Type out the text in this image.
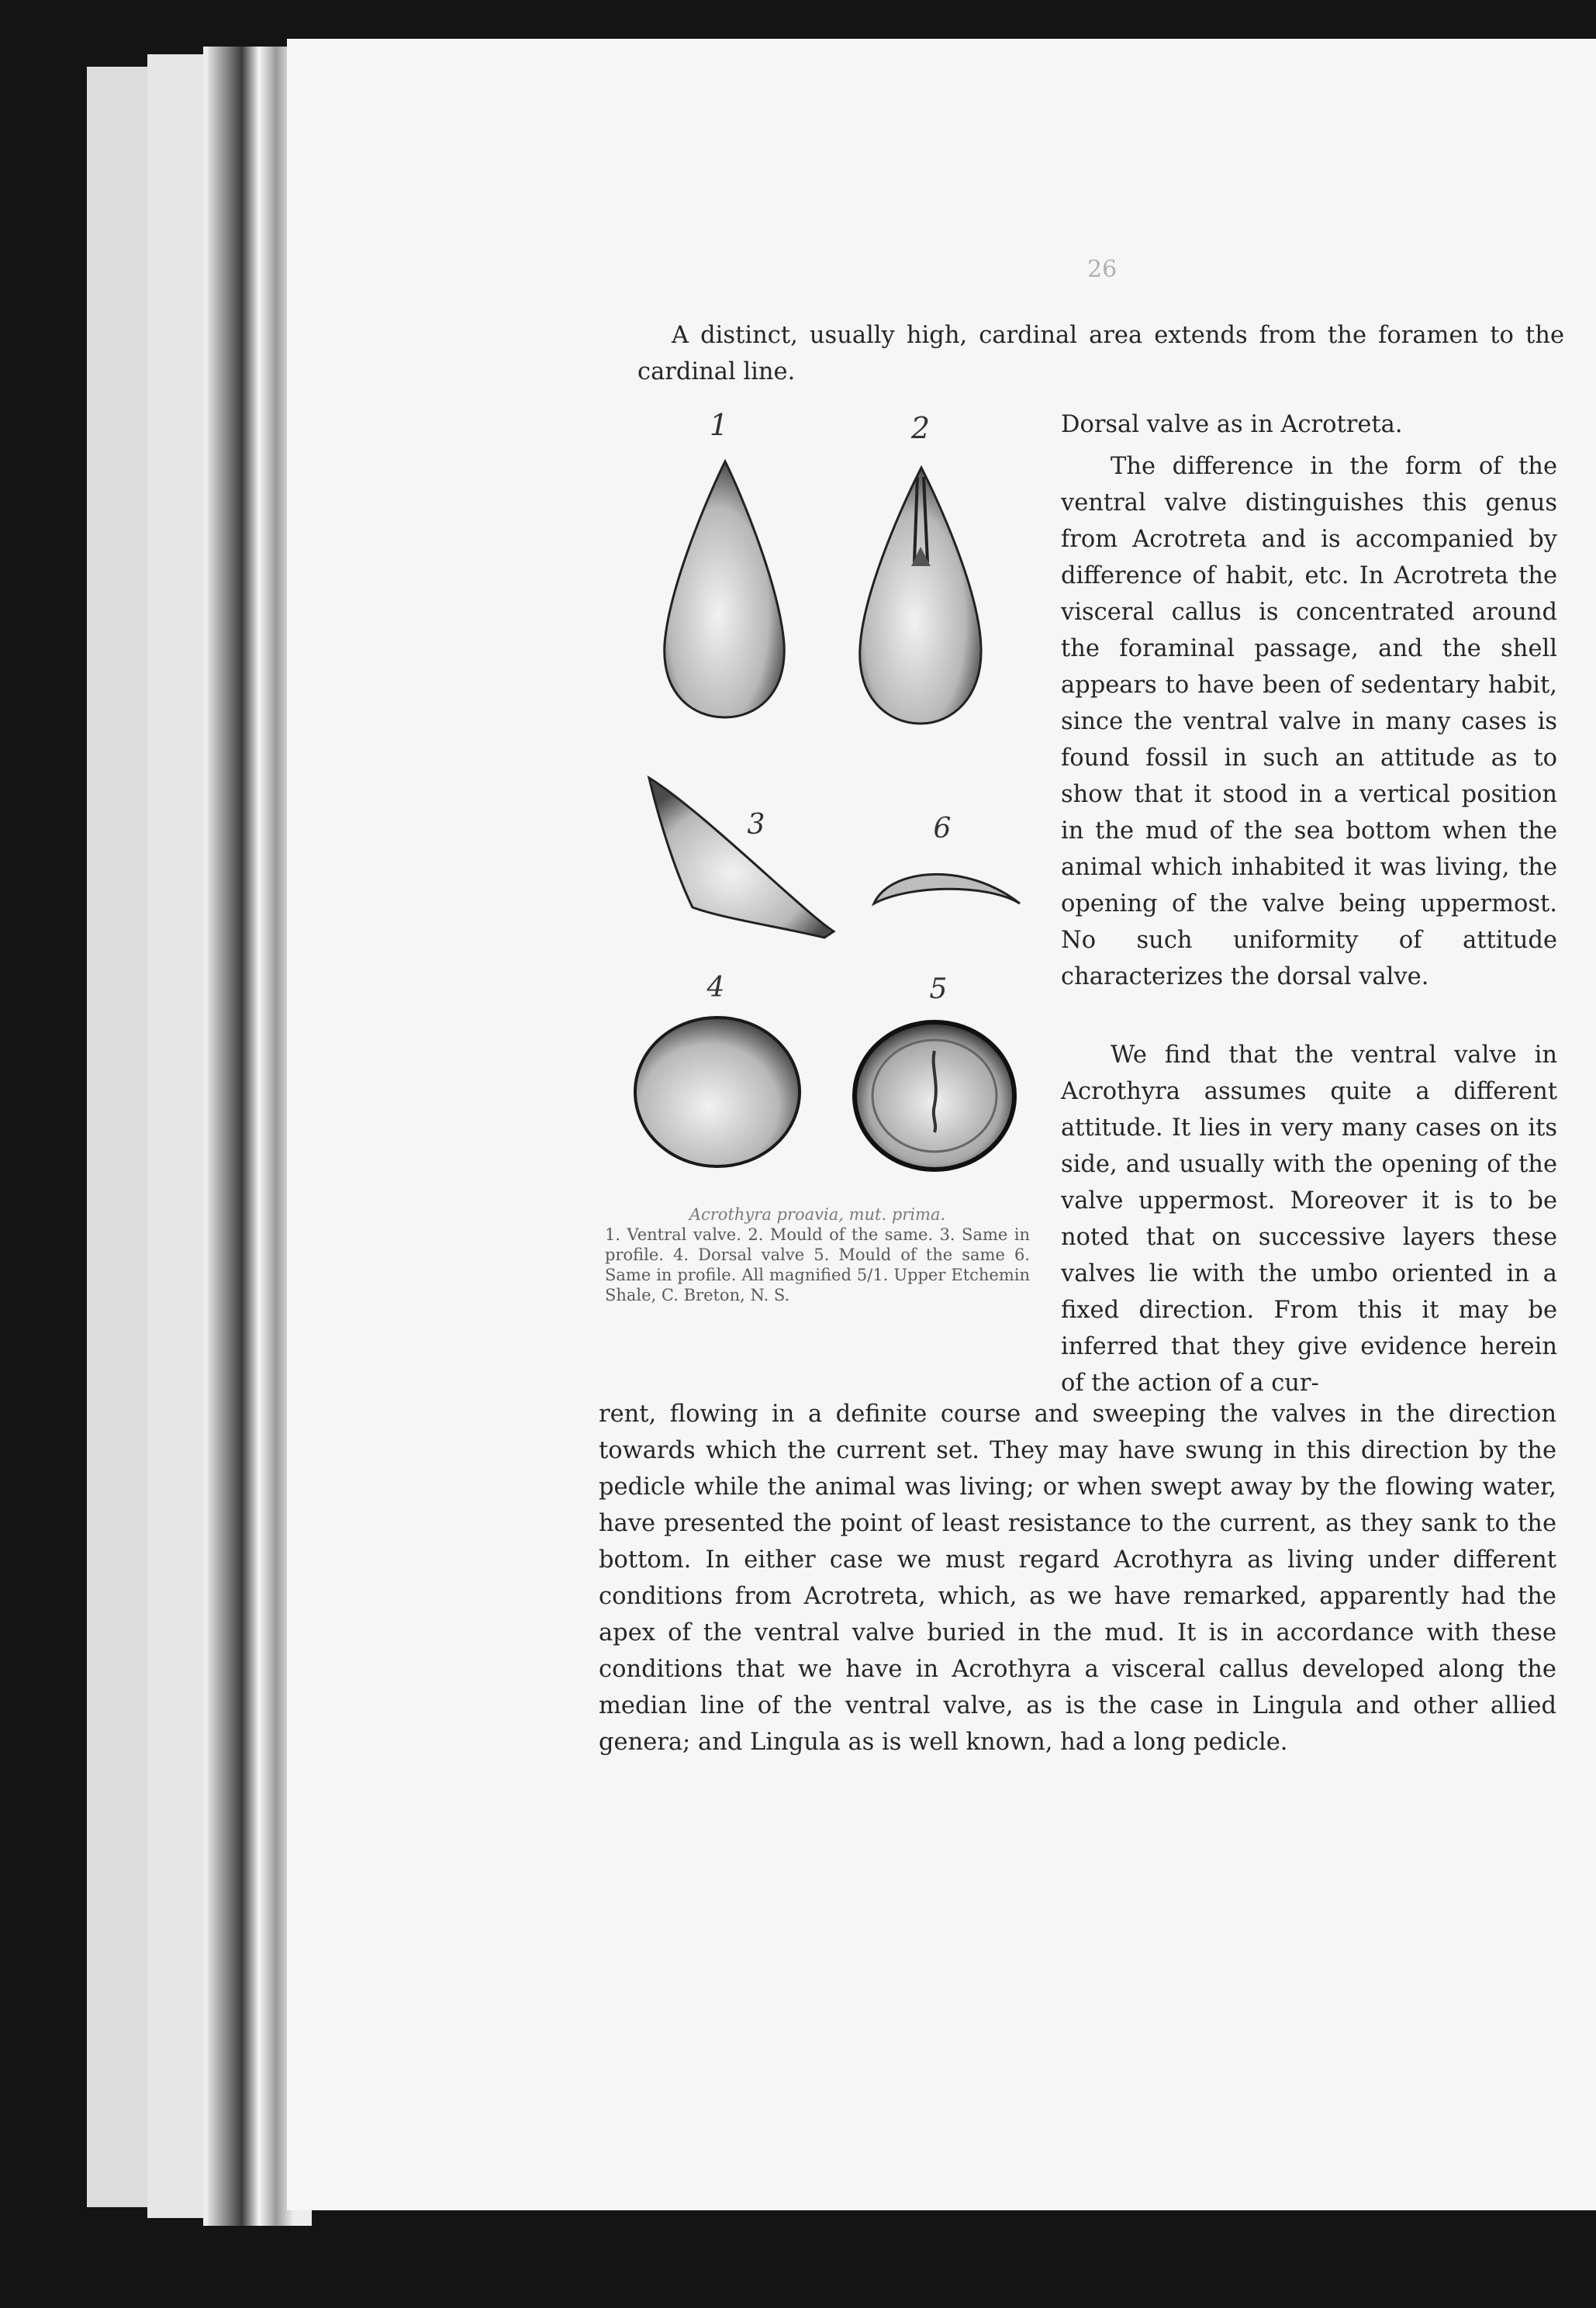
26

A distinct, usually high, cardinal area extends from the foramen to the cardinal line.

Dorsal valve as in Acrotreta.

The difference in the form of the ventral valve distinguishes this genus from Acrotreta and is accompanied by difference of habit, etc. In Acrotreta the visceral callus is concentrated around the foraminal passage, and the shell appears to have been of sedentary habit, since the ventral valve in many cases is found fossil in such an attitude as to show that it stood in a vertical position in the mud of the sea bottom when the animal which inhabited it was living, the opening of the valve being uppermost. No such uniformity of attitude characterizes the dorsal valve.

We find that the ventral valve in Acrothyra assumes quite a different attitude. It lies in very many cases on its side, and usually with the opening of the valve uppermost. Moreover it is to be noted that on successive layers these valves lie with the umbo oriented in a fixed direction. From this it may be inferred that they give evidence herein of the action of a cur-

rent, flowing in a definite course and sweeping the valves in the direction towards which the current set. They may have swung in this direction by the pedicle while the animal was living; or when swept away by the flowing water, have presented the point of least resistance to the current, as they sank to the bottom. In either case we must regard Acrothyra as living under different conditions from Acrotreta, which, as we have remarked, apparently had the apex of the ventral valve buried in the mud. It is in accordance with these conditions that we have in Acrothyra a visceral callus developed along the median line of the ventral valve, as is the case in Lingula and other allied genera; and Lingula as is well known, had a long pedicle.

1	2
3	6
4	5

Acrothyra proavia, mut. prima.
1. Ventral valve. 2. Mould of the same. 3. Same in profile. 4. Dorsal valve 5. Mould of the same 6. Same in profile. All magnified 5/1. Upper Etchemin Shale, C. Breton, N. S.
